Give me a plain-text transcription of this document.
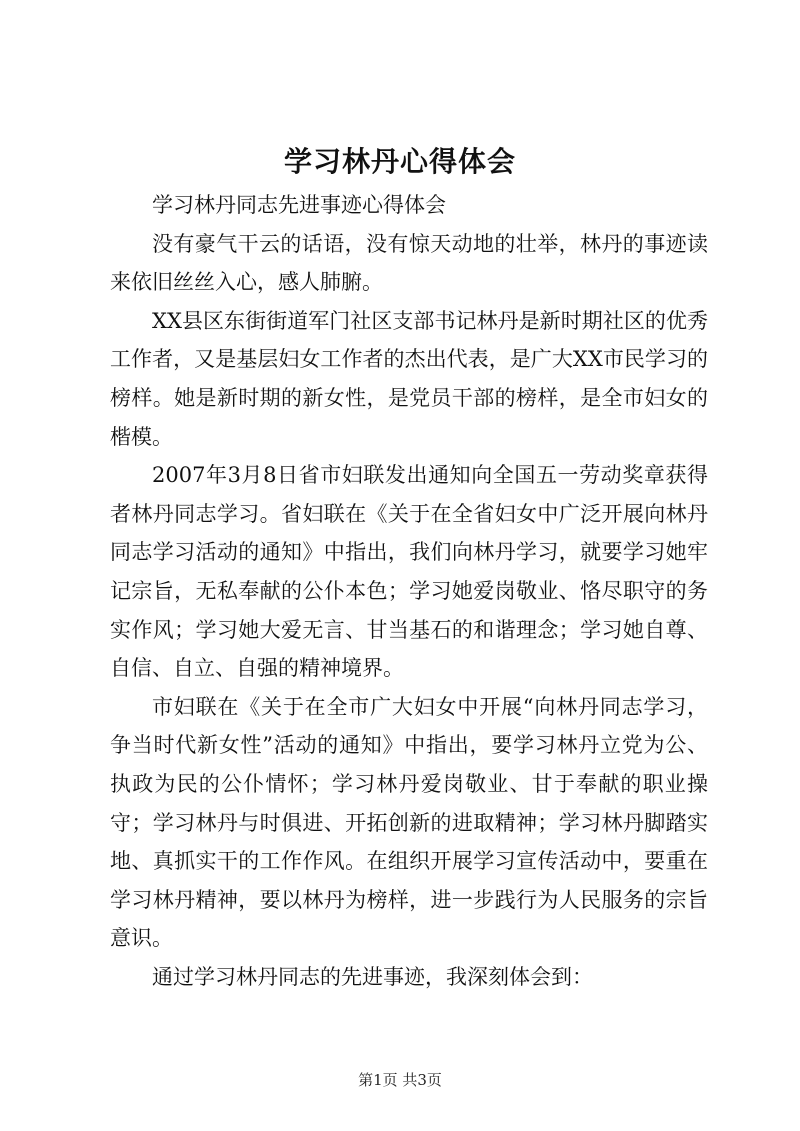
学习林丹心得体会

学习林丹同志先进事迹心得体会

没有豪气干云的话语，没有惊天动地的壮举，林丹的事迹读来依旧丝丝入心，感人肺腑。

XX县区东街街道军门社区支部书记林丹是新时期社区的优秀工作者，又是基层妇女工作者的杰出代表，是广大XX市民学习的榜样。她是新时期的新女性，是党员干部的榜样，是全市妇女的楷模。

2007年3月8日省市妇联发出通知向全国五一劳动奖章获得者林丹同志学习。省妇联在《关于在全省妇女中广泛开展向林丹同志学习活动的通知》中指出，我们向林丹学习，就要学习她牢记宗旨，无私奉献的公仆本色；学习她爱岗敬业、恪尽职守的务实作风；学习她大爱无言、甘当基石的和谐理念；学习她自尊、自信、自立、自强的精神境界。

市妇联在《关于在全市广大妇女中开展“向林丹同志学习，争当时代新女性”活动的通知》中指出，要学习林丹立党为公、执政为民的公仆情怀；学习林丹爱岗敬业、甘于奉献的职业操守；学习林丹与时俱进、开拓创新的进取精神；学习林丹脚踏实地、真抓实干的工作作风。在组织开展学习宣传活动中，要重在学习林丹精神，要以林丹为榜样，进一步践行为人民服务的宗旨意识。

通过学习林丹同志的先进事迹，我深刻体会到：

第1页 共3页
